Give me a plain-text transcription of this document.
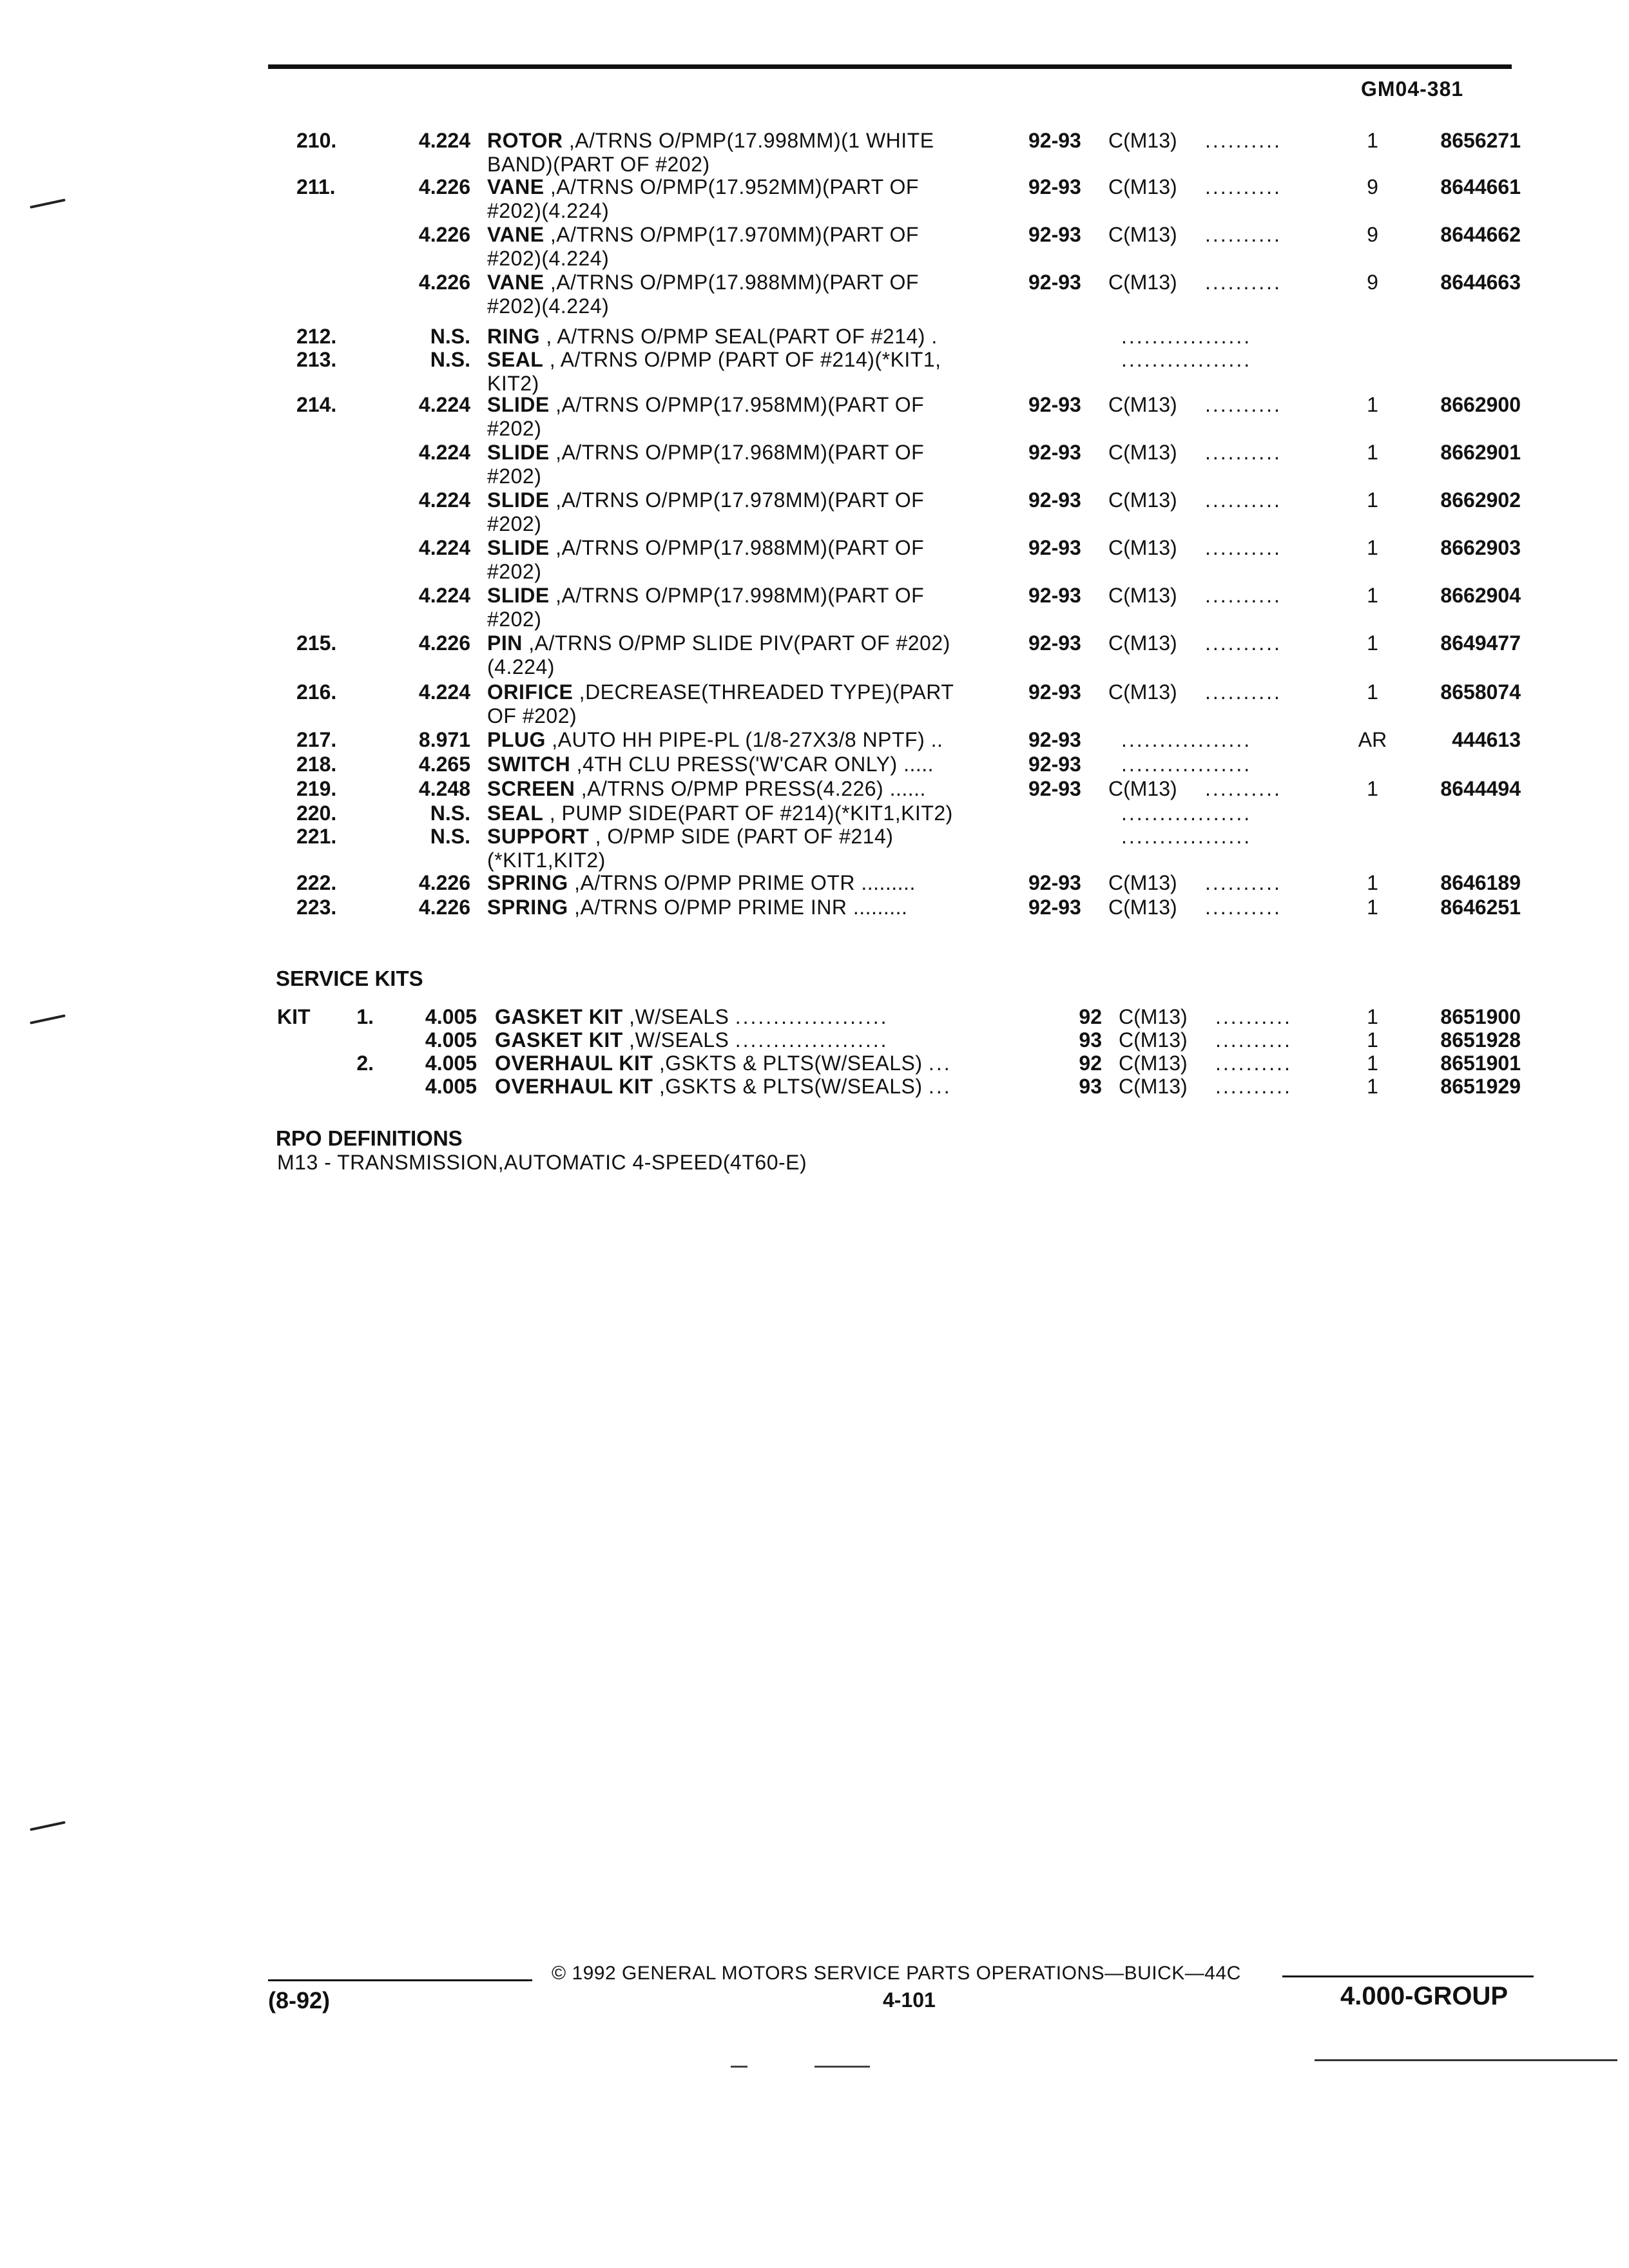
GM04-381
210.	4.224 ROTOR ,A/TRNS O/PMP(17.998MM)(1 WHITE
BAND)(PART OF #202)
92-93	C(M13)	..........	1	8656271
211.	4.226 VANE ,A/TRNS O/PMP(17.952MM)(PART OF
#202)(4.224)
92-93	C(M13)	..........	9	8644661
4.226 VANE ,A/TRNS O/PMP(17.970MM)(PART OF
#202)(4.224)
92-93	C(M13)	..........	9	8644662
4.226 VANE ,A/TRNS O/PMP(17.988MM)(PART OF
#202)(4.224)
92-93	C(M13)	..........	9	8644663
212.	N.S. RING , A/TRNS O/PMP SEAL(PART OF #214) .	.................
213.	N.S. SEAL , A/TRNS O/PMP (PART OF #214)(*KIT1,
KIT2)
.................
214.	4.224 SLIDE ,A/TRNS O/PMP(17.958MM)(PART OF
#202)
92-93	C(M13)	..........	1	8662900
4.224 SLIDE ,A/TRNS O/PMP(17.968MM)(PART OF
#202)
92-93	C(M13)	..........	1	8662901
4.224 SLIDE ,A/TRNS O/PMP(17.978MM)(PART OF
#202)
92-93	C(M13)	..........	1	8662902
4.224 SLIDE ,A/TRNS O/PMP(17.988MM)(PART OF
#202)
92-93	C(M13)	..........	1	8662903
4.224 SLIDE ,A/TRNS O/PMP(17.998MM)(PART OF
#202)
92-93	C(M13)	..........	1	8662904
215.	4.226 PIN ,A/TRNS O/PMP SLIDE PIV(PART OF #202)
(4.224)
92-93	C(M13)	..........	1	8649477
216.	4.224 ORIFICE ,DECREASE(THREADED TYPE)(PART
OF #202)
92-93	C(M13)	..........	1	8658074
217.	8.971 PLUG ,AUTO HH PIPE-PL (1/8-27X3/8 NPTF) ..	92-93	.................	AR	444613
218.	4.265 SWITCH ,4TH CLU PRESS('W'CAR ONLY) .....	92-93	.................
219.	4.248 SCREEN ,A/TRNS O/PMP PRESS(4.226) ......	92-93	C(M13)	..........	1	8644494
220.	N.S. SEAL , PUMP SIDE(PART OF #214)(*KIT1,KIT2)	.................
221.	N.S. SUPPORT , O/PMP SIDE (PART OF #214)
(*KIT1,KIT2)
.................
222.	4.226 SPRING ,A/TRNS O/PMP PRIME OTR .........	92-93	C(M13)	..........	1	8646189
223.	4.226 SPRING ,A/TRNS O/PMP PRIME INR .........	92-93	C(M13)	..........	1	8646251
SERVICE KITS
KIT	1.	4.005 GASKET KIT ,W/SEALS ....................	92 C(M13) ..........	1	8651900
4.005 GASKET KIT ,W/SEALS ....................	93 C(M13) ..........	1	8651928
2.	4.005 OVERHAUL KIT ,GSKTS & PLTS(W/SEALS) ...	92 C(M13) ..........	1	8651901
4.005 OVERHAUL KIT ,GSKTS & PLTS(W/SEALS) ...	93 C(M13) ..........	1	8651929
RPO DEFINITIONS
M13 - TRANSMISSION,AUTOMATIC 4-SPEED(4T60-E)
© 1992 GENERAL MOTORS SERVICE PARTS OPERATIONS—BUICK—44C
(8-92)	4-101	4.000-GROUP
